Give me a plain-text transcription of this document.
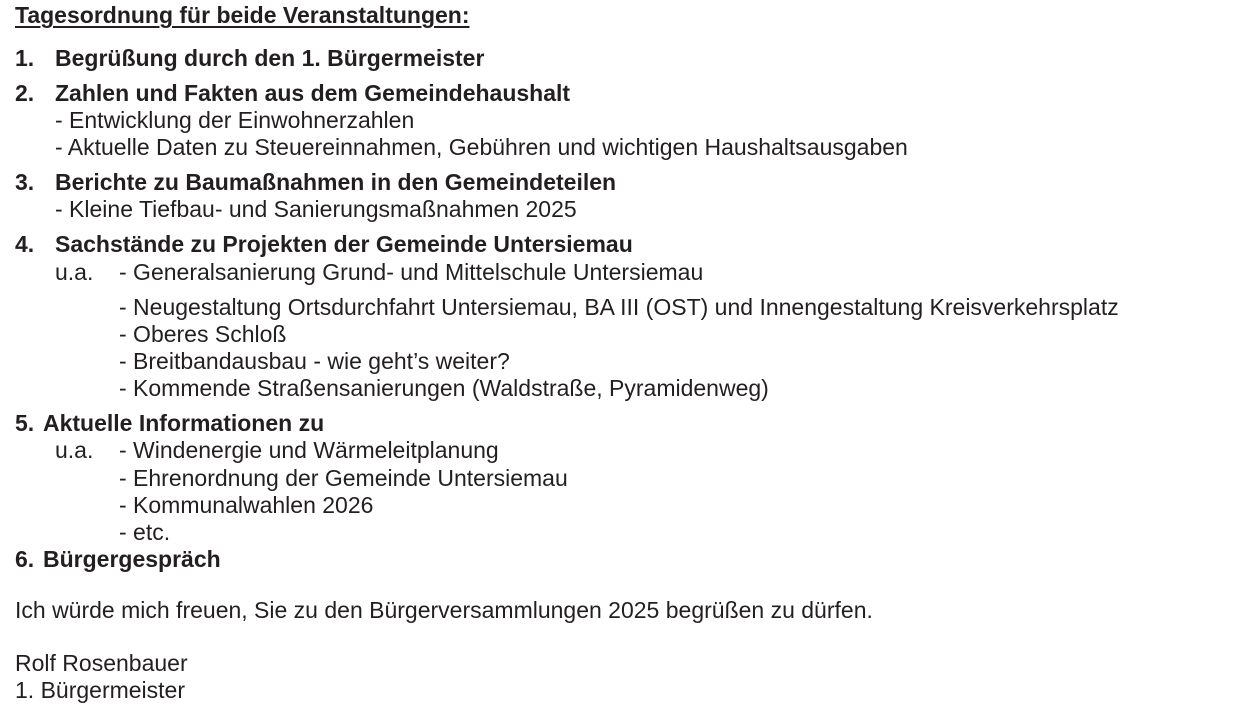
Tagesordnung für beide Veranstaltungen:
1. Begrüßung durch den 1. Bürgermeister
2. Zahlen und Fakten aus dem Gemeindehaushalt
- Entwicklung der Einwohnerzahlen
- Aktuelle Daten zu Steuereinnahmen, Gebühren und wichtigen Haushaltsausgaben
3. Berichte zu Baumaßnahmen in den Gemeindeteilen
- Kleine Tiefbau- und Sanierungsmaßnahmen 2025
4. Sachstände zu Projekten der Gemeinde Untersiemau
u.a. - Generalsanierung Grund- und Mittelschule Untersiemau
- Neugestaltung Ortsdurchfahrt Untersiemau, BA III (OST) und Innengestaltung Kreisverkehrsplatz
- Oberes Schloß
- Breitbandausbau - wie geht’s weiter?
- Kommende Straßensanierungen (Waldstraße, Pyramidenweg)
5. Aktuelle Informationen zu
u.a. - Windenergie und Wärmeleitplanung
- Ehrenordnung der Gemeinde Untersiemau
- Kommunalwahlen 2026
- etc.
6. Bürgergespräch
Ich würde mich freuen, Sie zu den Bürgerversammlungen 2025 begrüßen zu dürfen.
Rolf Rosenbauer
1. Bürgermeister
